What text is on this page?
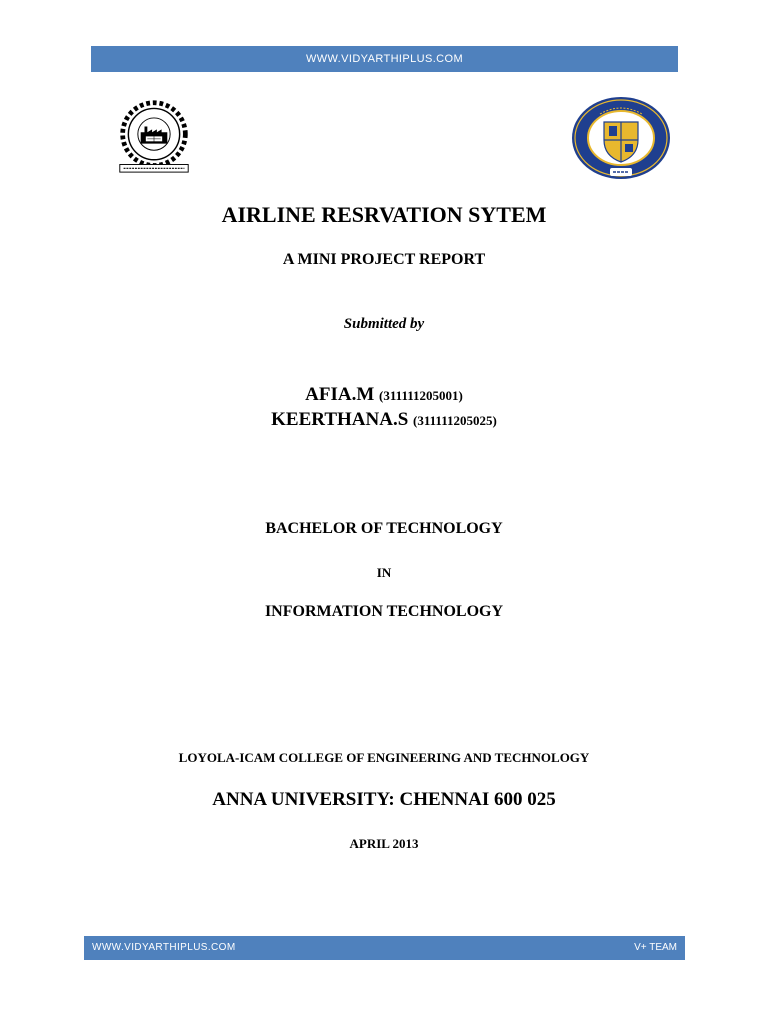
WWW.VIDYARTHIPLUS.COM
AIRLINE RESRVATION SYTEM
A MINI PROJECT REPORT
Submitted by
AFIA.M (311111205001)
KEERTHANA.S (311111205025)
BACHELOR OF TECHNOLOGY
IN
INFORMATION TECHNOLOGY
LOYOLA-ICAM COLLEGE OF ENGINEERING AND TECHNOLOGY
ANNA UNIVERSITY: CHENNAI 600 025
APRIL 2013
WWW.VIDYARTHIPLUS.COM	V+ TEAM
